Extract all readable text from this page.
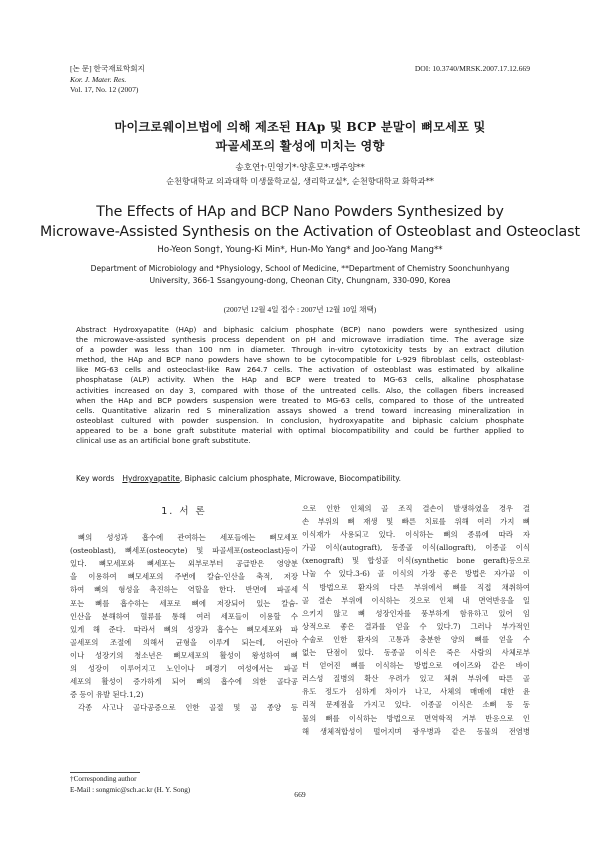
[논 문] 한국재료학회지
Kor. J. Mater. Res.
Vol. 17, No. 12 (2007)
DOI: 10.3740/MRSK.2007.17.12.669
마이크로웨이브법에 의해 제조된 HAp 및 BCP 분말이 뼈모세포 및
파골세포의 활성에 미치는 영향
송호연†·민영기*·양훈모*·맹주양**
순천향대학교 의과대학 미생물학교실, 생리학교실*, 순천향대학교 화학과**
The Effects of HAp and BCP Nano Powders Synthesized by
Microwave-Assisted Synthesis on the Activation of Osteoblast and Osteoclast
Ho-Yeon Song†, Young-Ki Min*, Hun-Mo Yang* and Joo-Yang Mang**
Department of Microbiology and *Physiology, School of Medicine, **Department of Chemistry Soonchunhyang
University, 366-1 Ssangyoung-dong, Cheonan City, Chungnam, 330-090, Korea
(2007년 12월 4일 접수 : 2007년 12월 10일 채택)
Abstract Hydroxyapatite (HAp) and biphasic calcium phosphate (BCP) nano powders were synthesized using
the microwave-assisted synthesis process dependent on pH and microwave irradiation time. The average size
of a powder was less than 100 nm in diameter. Through in-vitro cytotoxicity tests by an extract dilution
method, the HAp and BCP nano powders have shown to be cytocompatible for L-929 fibroblast cells, osteoblast-
like MG-63 cells and osteoclast-like Raw 264.7 cells. The activation of osteoblast was estimated by alkaline
phosphatase (ALP) activity. When the HAp and BCP were treated to MG-63 cells, alkaline phosphatase
activities increased on day 3, compared with those of the untreated cells. Also, the collagen fibers increased
when the HAp and BCP powders suspension were treated to MG-63 cells, compared to those of the untreated
cells. Quantitative alizarin red S mineralization assays showed a trend toward increasing mineralization in
osteoblast cultured with powder suspension. In conclusion, hydroxyapatite and biphasic calcium phosphate
appeared to be a bone graft substitute material with optimal biocompatibility and could be further applied to
clinical use as an artificial bone graft substitute.
Key words Hydroxyapatite, Biphasic calcium phosphate, Microwave, Biocompatibility.
1. 서 론
뼈의 성성과 흡수에 관여하는 세포들에는 뼈모세포
(osteoblast), 뼈세포(osteocyte) 및 파골세포(osteoclast)등이
있다. 뼈모세포와 뼈세포는 외부로부터 공급받은 영양분
을 이용하여 뼈모세포의 주변에 칼슘-인산을 축적, 저장
하여 뼈의 형성을 촉진하는 역할을 한다. 반면에 파골세
포는 뼈를 흡수하는 세포로 뼈에 저장되어 있는 칼슘-
인산을 분해하여 혈류를 통해 여러 세포들이 이용할 수
있게 해 준다. 따라서 뼈의 성장과 흡수는 뼈모세포와 파
골세포의 조절에 의해서 균형을 이루게 되는데, 어린아
이나 성장기의 청소년은 뼈모세포의 활성이 왕성하여 뼈
의 성장이 이루어지고 노인이나 폐경기 여성에서는 파골
세포의 활성이 증가하게 되어 뼈의 흡수에 의한 골다공
증 등이 유발 된다.1,2)
각종 사고나 골다공증으로 인한 골절 및 골 종양 등
으로 인한 인체의 골 조직 결손이 발생하였을 경우 결
손 부위의 뼈 재생 및 빠른 치료를 위해 여러 가지 뼈
이식재가 사용되고 있다. 이식하는 뼈의 종류에 따라 자
가골 이식(autograft), 동종골 이식(allograft), 이종골 이식
(xenograft) 및 합성골 이식(synthetic bone geraft)등으로
나눌 수 있다.3-6) 골 이식의 가장 좋은 방법은 자가골 이
식 방법으로 환자의 다른 부위에서 뼈를 직접 채취하여
골 결손 부위에 이식하는 것으로 인체 내 면역반응을 일
으키지 않고 뼈 성장인자를 풍부하게 함유하고 있어 임
상적으로 좋은 결과를 얻을 수 있다.7) 그러나 부가적인
수술로 인한 환자의 고통과 충분한 양의 뼈를 얻을 수
없는 단점이 있다. 동종골 이식은 죽은 사람의 사체로부
터 얻어진 뼈를 이식하는 방법으로 에이즈와 같은 바이
러스성 질병의 확산 우려가 있고 체취 부위에 따른 골
유도 정도가 심하게 차이가 나고, 사체의 매매에 대한 윤
리적 문제점을 가지고 있다. 이종골 이식은 소뼈 등 동
물의 뼈를 이식하는 방법으로 면역학적 거부 반응으로 인
해 생체적합성이 떨어지며 광우병과 같은 동물의 전염병
†Corresponding author
E-Mail : songmic@sch.ac.kr (H. Y. Song)
669
